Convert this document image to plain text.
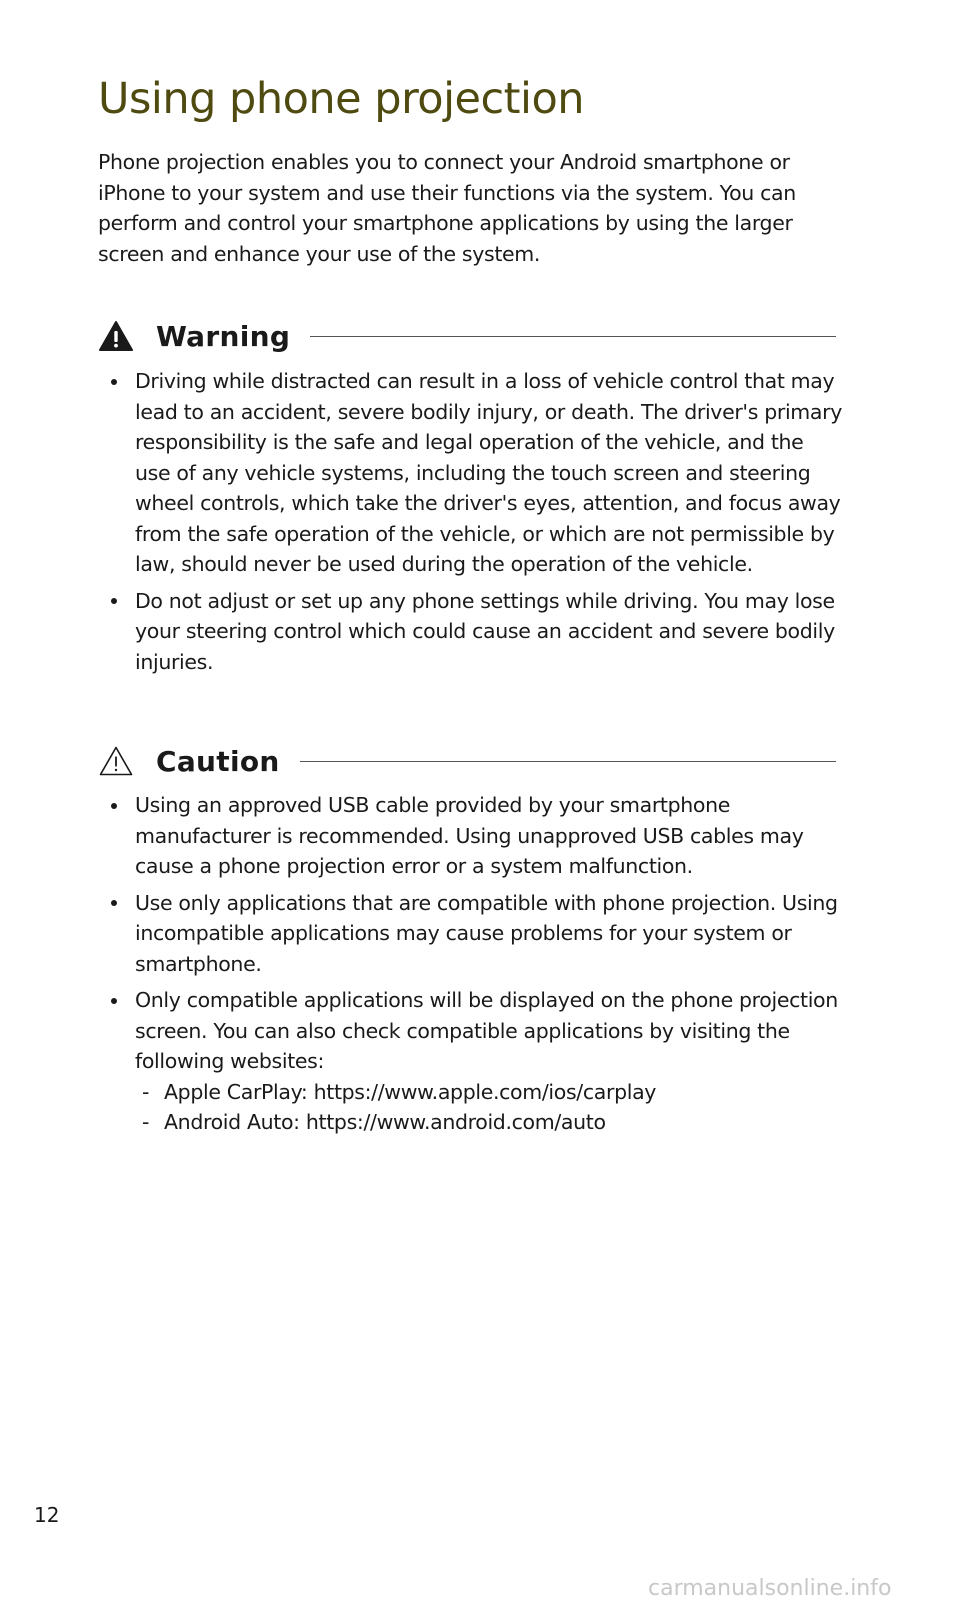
Using phone projection

Phone projection enables you to connect your Android smartphone or iPhone to your system and use their functions via the system. You can perform and control your smartphone applications by using the larger screen and enhance your use of the system.

Warning
Driving while distracted can result in a loss of vehicle control that may lead to an accident, severe bodily injury, or death. The driver's primary responsibility is the safe and legal operation of the vehicle, and the use of any vehicle systems, including the touch screen and steering wheel controls, which take the driver's eyes, attention, and focus away from the safe operation of the vehicle, or which are not permissible by law, should never be used during the operation of the vehicle.
Do not adjust or set up any phone settings while driving. You may lose your steering control which could cause an accident and severe bodily injuries.
Caution
Using an approved USB cable provided by your smartphone manufacturer is recommended. Using unapproved USB cables may cause a phone projection error or a system malfunction.
Use only applications that are compatible with phone projection. Using incompatible applications may cause problems for your system or smartphone.
Only compatible applications will be displayed on the phone projection screen. You can also check compatible applications by visiting the following websites:
- Apple CarPlay: https://www.apple.com/ios/carplay
- Android Auto: https://www.android.com/auto
12
carmanualsonline.info
